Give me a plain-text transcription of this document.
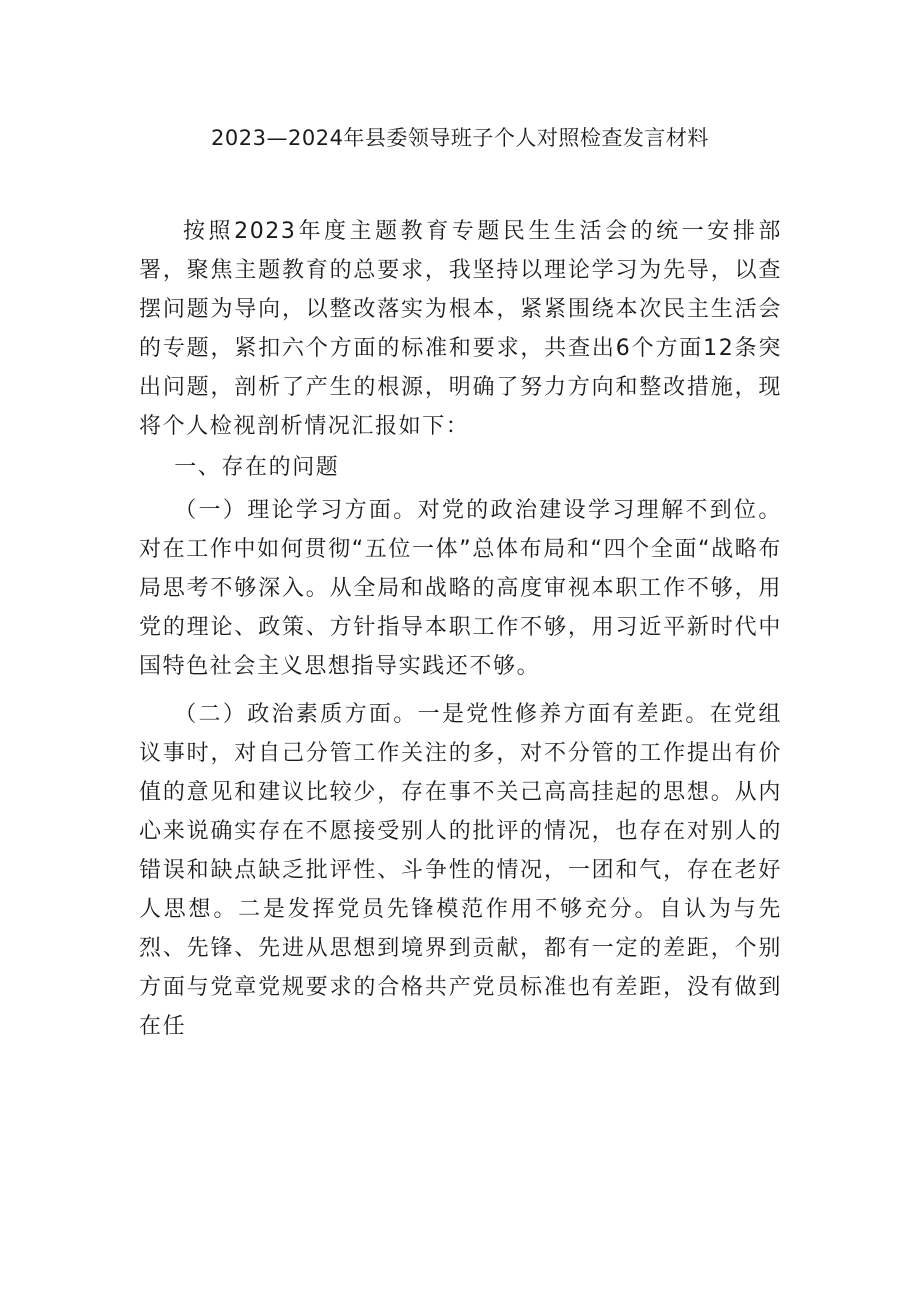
2023—2024年县委领导班子个人对照检查发言材料

按照2023年度主题教育专题民生生活会的统一安排部署，聚焦主题教育的总要求，我坚持以理论学习为先导，以查摆问题为导向，以整改落实为根本，紧紧围绕本次民主生活会的专题，紧扣六个方面的标准和要求，共查出6个方面12条突出问题，剖析了产生的根源，明确了努力方向和整改措施，现将个人检视剖析情况汇报如下：

一、存在的问题

（一）理论学习方面。对党的政治建设学习理解不到位。对在工作中如何贯彻“五位一体”总体布局和“四个全面“战略布局思考不够深入。从全局和战略的高度审视本职工作不够，用党的理论、政策、方针指导本职工作不够，用习近平新时代中国特色社会主义思想指导实践还不够。

（二）政治素质方面。一是党性修养方面有差距。在党组议事时，对自己分管工作关注的多，对不分管的工作提出有价值的意见和建议比较少，存在事不关己高高挂起的思想。从内心来说确实存在不愿接受别人的批评的情况，也存在对别人的错误和缺点缺乏批评性、斗争性的情况，一团和气，存在老好人思想。二是发挥党员先锋模范作用不够充分。自认为与先烈、先锋、先进从思想到境界到贡献，都有一定的差距，个别方面与党章党规要求的合格共产党员标准也有差距，没有做到在任
